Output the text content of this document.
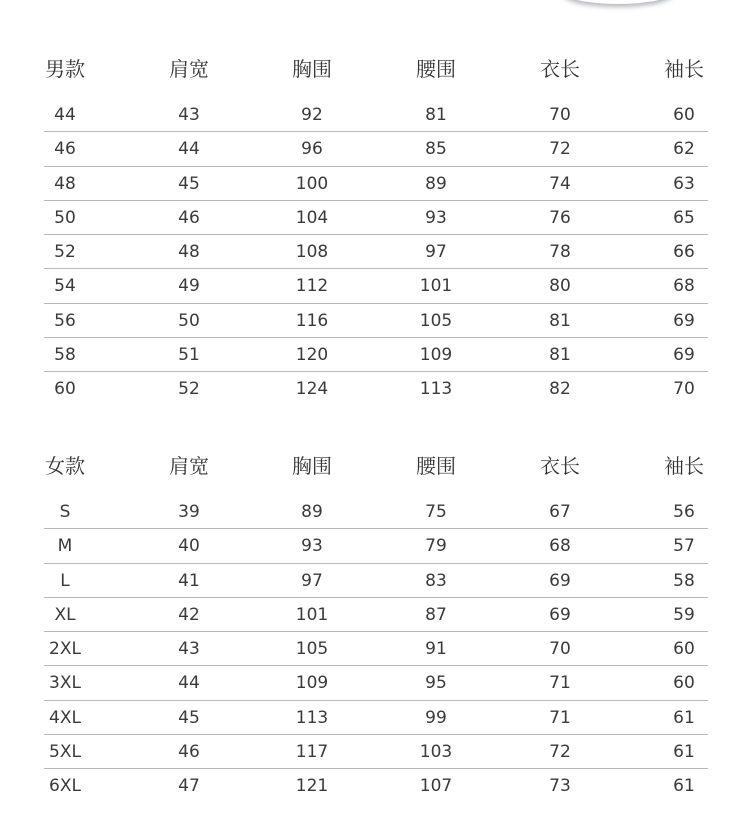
男款	肩宽	胸围	腰围	衣长	袖长
44	43	92	81	70	60
46	44	96	85	72	62
48	45	100	89	74	63
50	46	104	93	76	65
52	48	108	97	78	66
54	49	112	101	80	68
56	50	116	105	81	69
58	51	120	109	81	69
60	52	124	113	82	70
女款	肩宽	胸围	腰围	衣长	袖长
S	39	89	75	67	56
M	40	93	79	68	57
L	41	97	83	69	58
XL	42	101	87	69	59
2XL	43	105	91	70	60
3XL	44	109	95	71	60
4XL	45	113	99	71	61
5XL	46	117	103	72	61
6XL	47	121	107	73	61
